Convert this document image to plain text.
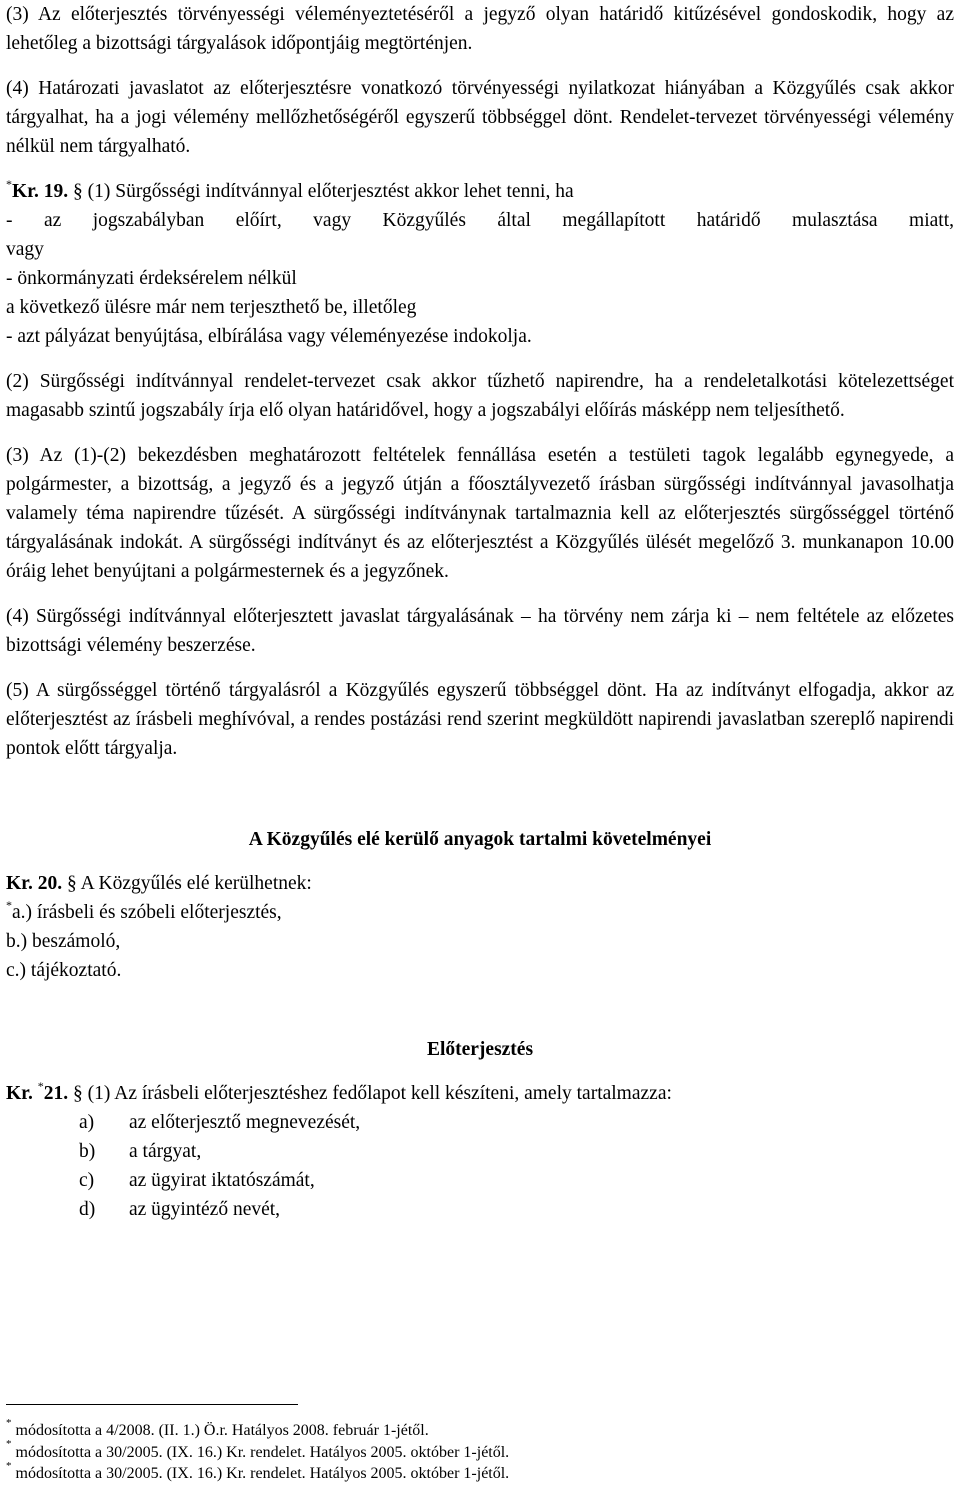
(3) Az előterjesztés törvényességi véleményeztetéséről a jegyző olyan határidő kitűzésével gondoskodik, hogy az lehetőleg a bizottsági tárgyalások időpontjáig megtörténjen.
(4) Határozati javaslatot az előterjesztésre vonatkozó törvényességi nyilatkozat hiányában a Közgyűlés csak akkor tárgyalhat, ha a jogi vélemény mellőzhetőségéről egyszerű többséggel dönt. Rendelet-tervezet törvényességi vélemény nélkül nem tárgyalható.
*Kr. 19. § (1) Sürgősségi indítvánnyal előterjesztést akkor lehet tenni, ha
- az jogszabályban előírt, vagy Közgyűlés által megállapított határidő mulasztása miatt,
vagy
- önkormányzati érdeksérelem nélkül
a következő ülésre már nem terjeszthető be, illetőleg
- azt pályázat benyújtása, elbírálása vagy véleményezése indokolja.
(2) Sürgősségi indítvánnyal rendelet-tervezet csak akkor tűzhető napirendre, ha a rendeletalkotási kötelezettséget magasabb szintű jogszabály írja elő olyan határidővel, hogy a jogszabályi előírás másképp nem teljesíthető.
(3) Az (1)-(2) bekezdésben meghatározott feltételek fennállása esetén a testületi tagok legalább egynegyede, a polgármester, a bizottság, a jegyző és a jegyző útján a főosztályvezető írásban sürgősségi indítvánnyal javasolhatja valamely téma napirendre tűzését. A sürgősségi indítványnak tartalmaznia kell az előterjesztés sürgősséggel történő tárgyalásának indokát. A sürgősségi indítványt és az előterjesztést a Közgyűlés ülését megelőző 3. munkanapon 10.00 óráig lehet benyújtani a polgármesternek és a jegyzőnek.
(4) Sürgősségi indítvánnyal előterjesztett javaslat tárgyalásának – ha törvény nem zárja ki – nem feltétele az előzetes bizottsági vélemény beszerzése.
(5) A sürgősséggel történő tárgyalásról a Közgyűlés egyszerű többséggel dönt. Ha az indítványt elfogadja, akkor az előterjesztést az írásbeli meghívóval, a rendes postázási rend szerint megküldött napirendi javaslatban szereplő napirendi pontok előtt tárgyalja.
A Közgyűlés elé kerülő anyagok tartalmi követelményei
Kr. 20. § A Közgyűlés elé kerülhetnek:
*a.) írásbeli és szóbeli előterjesztés,
b.) beszámoló,
c.) tájékoztató.
Előterjesztés
Kr. *21. § (1) Az írásbeli előterjesztéshez fedőlapot kell készíteni, amely tartalmazza:
a)	az előterjesztő megnevezését,
b)	a tárgyat,
c)	az ügyirat iktatószámát,
d)	az ügyintéző nevét,
* módosította a 4/2008. (II. 1.) Ö.r. Hatályos 2008. február 1-jétől.
* módosította a 30/2005. (IX. 16.) Kr. rendelet. Hatályos 2005. október 1-jétől.
* módosította a 30/2005. (IX. 16.) Kr. rendelet. Hatályos 2005. október 1-jétől.
